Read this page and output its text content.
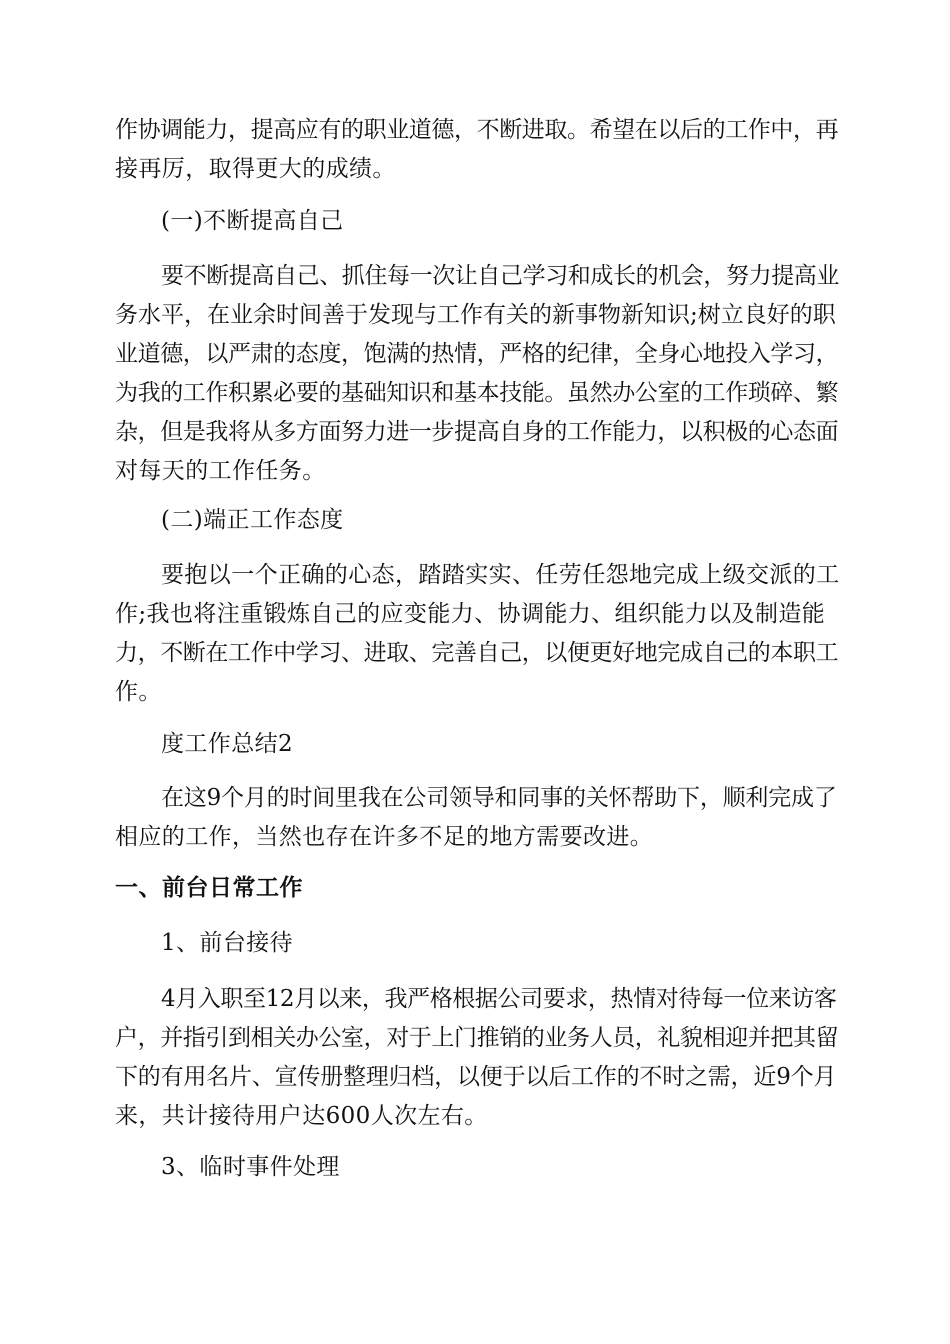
作协调能力，提高应有的职业道德，不断进取。希望在以后的工作中，再
接再厉，取得更大的成绩。
(一)不断提高自己
要不断提高自己、抓住每一次让自己学习和成长的机会，努力提高业
务水平，在业余时间善于发现与工作有关的新事物新知识;树立良好的职
业道德，以严肃的态度，饱满的热情，严格的纪律，全身心地投入学习，
为我的工作积累必要的基础知识和基本技能。虽然办公室的工作琐碎、繁
杂，但是我将从多方面努力进一步提高自身的工作能力，以积极的心态面
对每天的工作任务。
(二)端正工作态度
要抱以一个正确的心态，踏踏实实、任劳任怨地完成上级交派的工
作;我也将注重锻炼自己的应变能力、协调能力、组织能力以及制造能
力，不断在工作中学习、进取、完善自己，以便更好地完成自己的本职工
作。
度工作总结2
在这9个月的时间里我在公司领导和同事的关怀帮助下，顺利完成了
相应的工作，当然也存在许多不足的地方需要改进。
一、前台日常工作
1、前台接待
4月入职至12月以来，我严格根据公司要求，热情对待每一位来访客
户，并指引到相关办公室，对于上门推销的业务人员，礼貌相迎并把其留
下的有用名片、宣传册整理归档，以便于以后工作的不时之需，近9个月
来，共计接待用户达600人次左右。
3、临时事件处理
